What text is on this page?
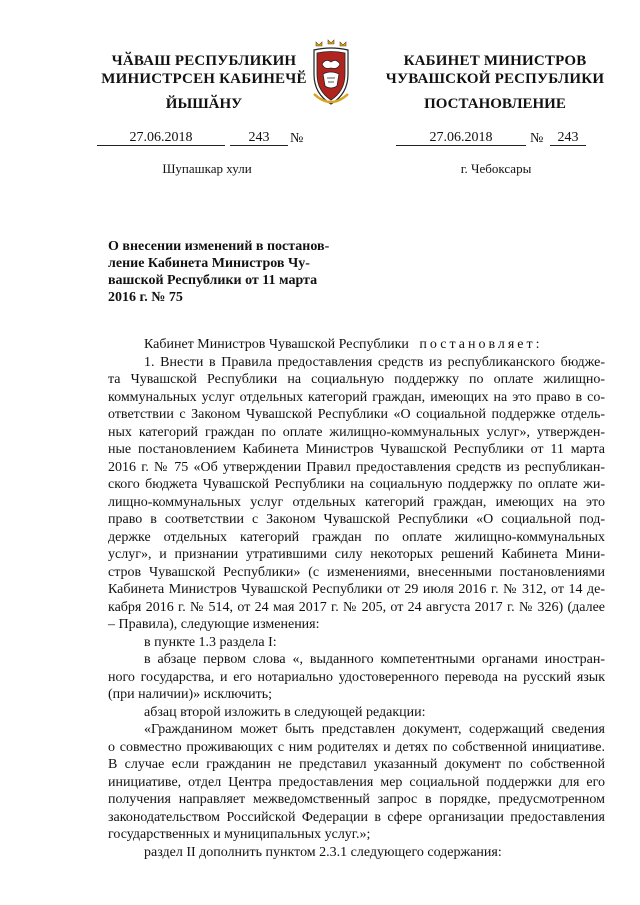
ЧӐВАШ РЕСПУБЛИКИН
МИНИСТРСЕН КАБИНЕЧӖ
ЙЫШӐНУ
КАБИНЕТ МИНИСТРОВ
ЧУВАШСКОЙ РЕСПУБЛИКИ
ПОСТАНОВЛЕНИЕ
27.06.2018	243	№	27.06.2018	№	243
Шупашкар хули	г. Чебоксары
О внесении изменений в постанов-
ление Кабинета Министров Чу-
вашской Республики от 11 марта
2016 г. № 75
Кабинет Министров Чувашской Республики постановляет:
1. Внести в Правила предоставления средств из республиканского бюдже-
та Чувашской Республики на социальную поддержку по оплате жилищно-
коммунальных услуг отдельных категорий граждан, имеющих на это право в со-
ответствии с Законом Чувашской Республики «О социальной поддержке отдель-
ных категорий граждан по оплате жилищно-коммунальных услуг», утвержден-
ные постановлением Кабинета Министров Чувашской Республики от 11 марта
2016 г. № 75 «Об утверждении Правил предоставления средств из республикан-
ского бюджета Чувашской Республики на социальную поддержку по оплате жи-
лищно-коммунальных услуг отдельных категорий граждан, имеющих на это
право в соответствии с Законом Чувашской Республики «О социальной под-
держке отдельных категорий граждан по оплате жилищно-коммунальных
услуг», и признании утратившими силу некоторых решений Кабинета Мини-
стров Чувашской Республики» (с изменениями, внесенными постановлениями
Кабинета Министров Чувашской Республики от 29 июля 2016 г. № 312, от 14 де-
кабря 2016 г. № 514, от 24 мая 2017 г. № 205, от 24 августа 2017 г. № 326) (далее
– Правила), следующие изменения:
в пункте 1.3 раздела I:
в абзаце первом слова «, выданного компетентными органами иностран-
ного государства, и его нотариально удостоверенного перевода на русский язык
(при наличии)» исключить;
абзац второй изложить в следующей редакции:
«Гражданином может быть представлен документ, содержащий сведения
о совместно проживающих с ним родителях и детях по собственной инициативе.
В случае если гражданин не представил указанный документ по собственной
инициативе, отдел Центра предоставления мер социальной поддержки для его
получения направляет межведомственный запрос в порядке, предусмотренном
законодательством Российской Федерации в сфере организации предоставления
государственных и муниципальных услуг.»;
раздел II дополнить пунктом 2.3.1 следующего содержания:
